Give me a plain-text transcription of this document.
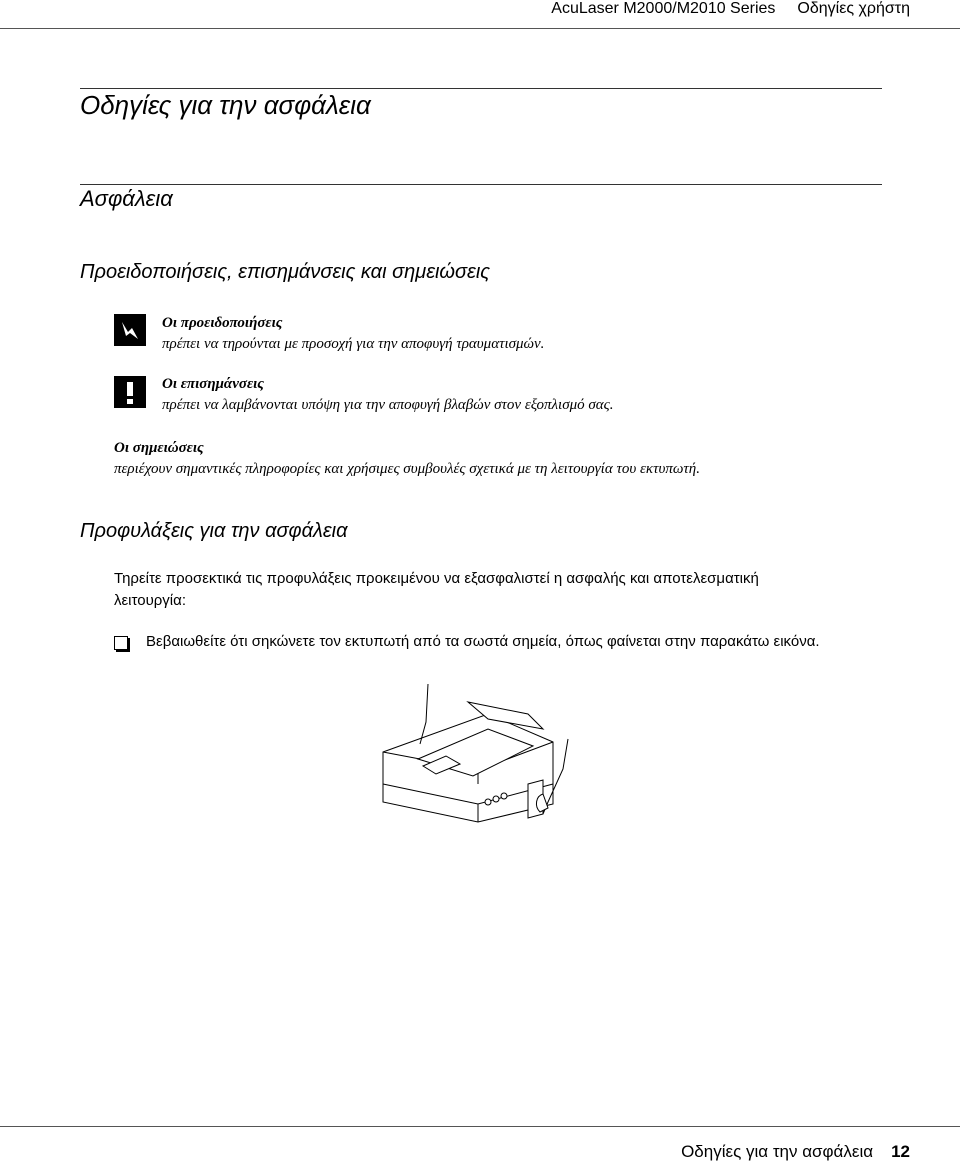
AcuLaser M2000/M2010 Series Οδηγίες χρήστη
Οδηγίες για την ασφάλεια
Ασφάλεια
Προειδοποιήσεις, επισημάνσεις και σημειώσεις
Οι προειδοποιήσεις
πρέπει να τηρούνται με προσοχή για την αποφυγή τραυματισμών.
Οι επισημάνσεις
πρέπει να λαμβάνονται υπόψη για την αποφυγή βλαβών στον εξοπλισμό σας.
Οι σημειώσεις
περιέχουν σημαντικές πληροφορίες και χρήσιμες συμβουλές σχετικά με τη λειτουργία του εκτυπωτή.
Προφυλάξεις για την ασφάλεια
Τηρείτε προσεκτικά τις προφυλάξεις προκειμένου να εξασφαλιστεί η ασφαλής και αποτελεσματική
λειτουργία:
Βεβαιωθείτε ότι σηκώνετε τον εκτυπωτή από τα σωστά σημεία, όπως φαίνεται στην παρακάτω εικόνα.
Οδηγίες για την ασφάλεια 12
